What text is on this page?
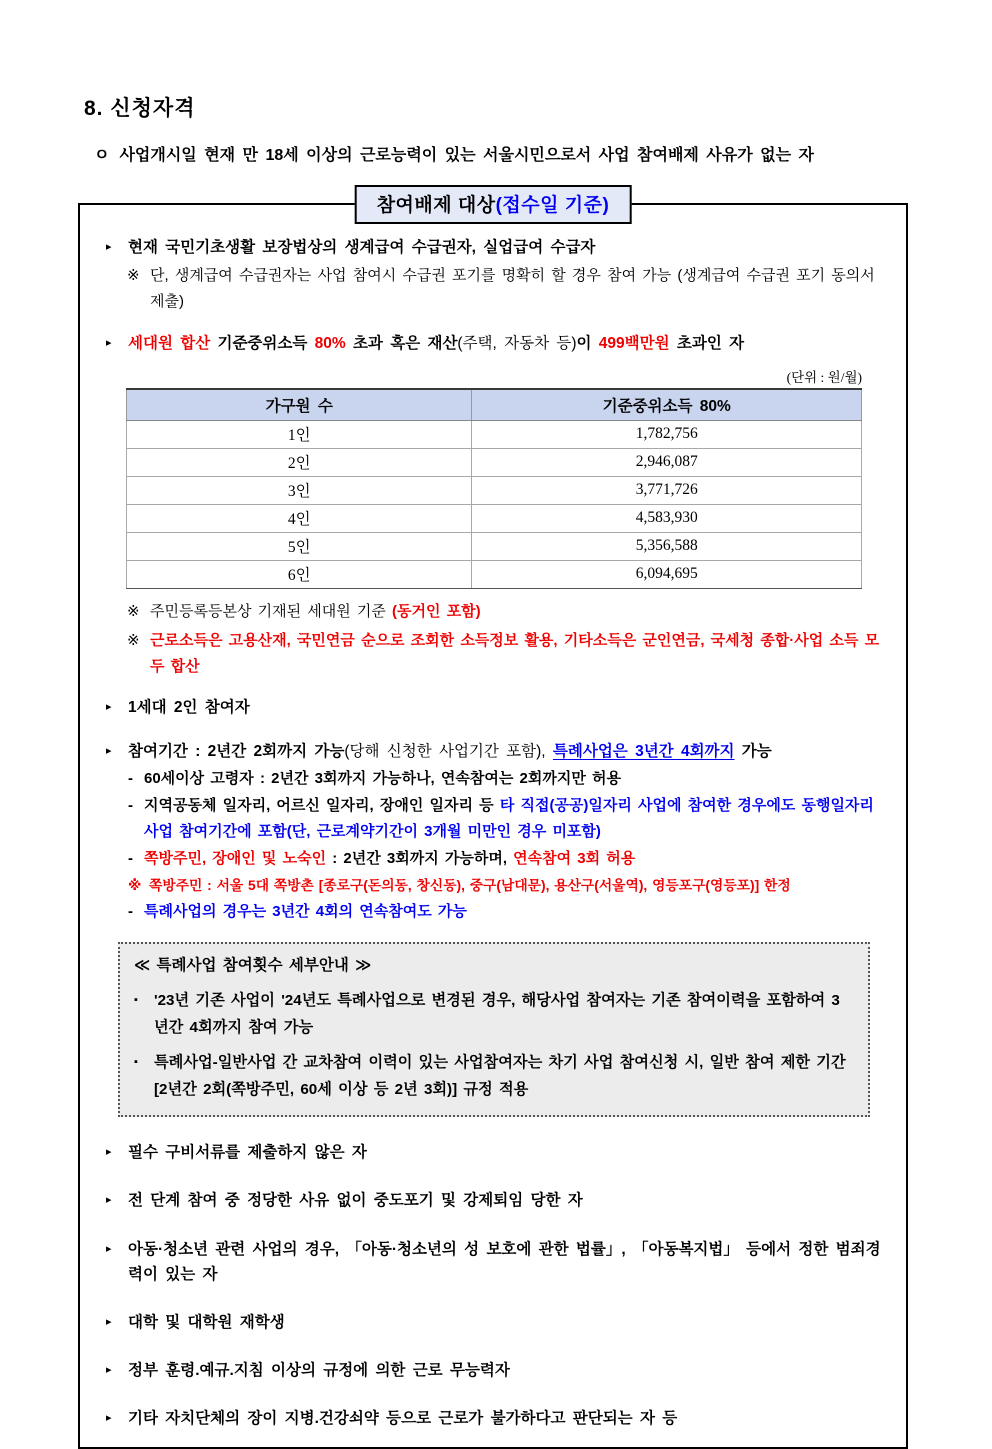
8. 신청자격
ㅇ 사업개시일 현재 만 18세 이상의 근로능력이 있는 서울시민으로서 사업 참여배제 사유가 없는 자
참여배제 대상(접수일 기준)
▸	현재 국민기초생활 보장법상의 생계급여 수급권자, 실업급여 수급자
※ 단, 생계급여 수급권자는 사업 참여시 수급권 포기를 명확히 할 경우 참여 가능 (생계급여 수급권 포기 동의서 제출)
▸	세대원 합산 기준중위소득 80% 초과 혹은 재산(주택, 자동차 등)이 499백만원 초과인 자
(단위 : 원/월)
가구원 수	기준중위소득 80%
1인	1,782,756
2인	2,946,087
3인	3,771,726
4인	4,583,930
5인	5,356,588
6인	6,094,695
※ 주민등록등본상 기재된 세대원 기준 (동거인 포함)
※ 근로소득은 고용산재, 국민연금 순으로 조회한 소득정보 활용, 기타소득은 군인연금, 국세청 종합·사업 소득 모두 합산
▸	1세대 2인 참여자
▸	참여기간 : 2년간 2회까지 가능(당해 신청한 사업기간 포함), 특례사업은 3년간 4회까지 가능
- 60세이상 고령자 : 2년간 3회까지 가능하나, 연속참여는 2회까지만 허용
- 지역공동체 일자리, 어르신 일자리, 장애인 일자리 등 타 직접(공공)일자리 사업에 참여한 경우에도 동행일자리 사업 참여기간에 포함(단, 근로계약기간이 3개월 미만인 경우 미포함)
- 쪽방주민, 장애인 및 노숙인 : 2년간 3회까지 가능하며, 연속참여 3회 허용
※ 쪽방주민 : 서울 5대 쪽방촌 [종로구(돈의동, 창신동), 중구(남대문), 용산구(서울역), 영등포구(영등포)] 한정
- 특례사업의 경우는 3년간 4회의 연속참여도 가능
≪ 특례사업 참여횟수 세부안내 ≫
▪	'23년 기존 사업이 '24년도 특례사업으로 변경된 경우, 해당사업 참여자는 기존 참여이력을 포함하여 3년간 4회까지 참여 가능
▪	특례사업-일반사업 간 교차참여 이력이 있는 사업참여자는 차기 사업 참여신청 시, 일반 참여 제한 기간 [2년간 2회(쪽방주민, 60세 이상 등 2년 3회)] 규정 적용
▸	필수 구비서류를 제출하지 않은 자
▸	전 단계 참여 중 정당한 사유 없이 중도포기 및 강제퇴임 당한 자
▸	아동·청소년 관련 사업의 경우, 「아동·청소년의 성 보호에 관한 법률」, 「아동복지법」 등에서 정한 범죄경력이 있는 자
▸	대학 및 대학원 재학생
▸	정부 훈령.예규.지침 이상의 규정에 의한 근로 무능력자
▸	기타 자치단체의 장이 지병.건강쇠약 등으로 근로가 불가하다고 판단되는 자 등
